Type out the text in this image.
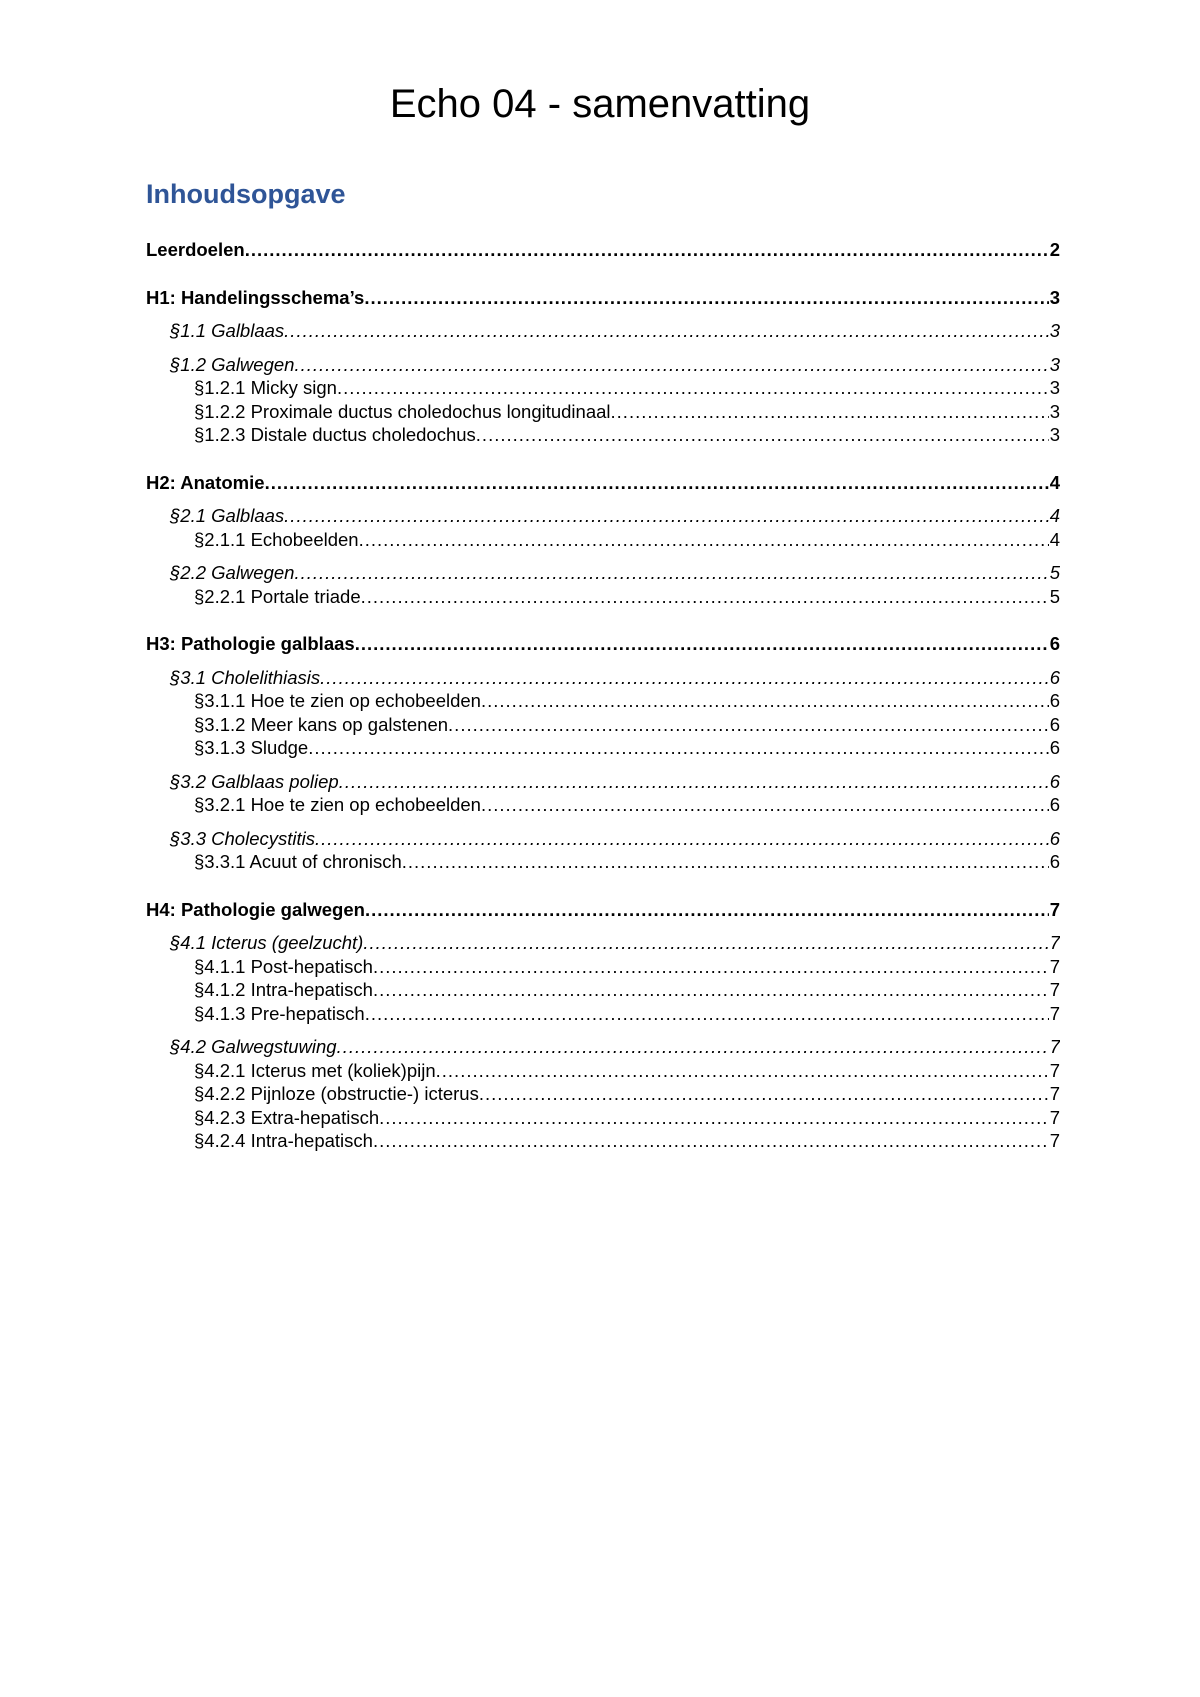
Echo 04 - samenvatting
Inhoudsopgave
Leerdoelen .....	2
H1: Handelingsschema’s .....	3
§1.1 Galblaas .....	3
§1.2 Galwegen .....	3
§1.2.1 Micky sign .....	3
§1.2.2 Proximale ductus choledochus longitudinaal .....	3
§1.2.3 Distale ductus choledochus .....	3
H2: Anatomie .....	4
§2.1 Galblaas .....	4
§2.1.1 Echobeelden .....	4
§2.2 Galwegen .....	5
§2.2.1 Portale triade .....	5
H3: Pathologie galblaas .....	6
§3.1 Cholelithiasis .....	6
§3.1.1 Hoe te zien op echobeelden .....	6
§3.1.2 Meer kans op galstenen .....	6
§3.1.3 Sludge .....	6
§3.2 Galblaas poliep .....	6
§3.2.1 Hoe te zien op echobeelden .....	6
§3.3 Cholecystitis .....	6
§3.3.1 Acuut of chronisch .....	6
H4: Pathologie galwegen .....	7
§4.1 Icterus (geelzucht) .....	7
§4.1.1 Post-hepatisch .....	7
§4.1.2 Intra-hepatisch .....	7
§4.1.3 Pre-hepatisch .....	7
§4.2 Galwegstuwing .....	7
§4.2.1 Icterus met (koliek)pijn .....	7
§4.2.2 Pijnloze (obstructie-) icterus .....	7
§4.2.3 Extra-hepatisch .....	7
§4.2.4 Intra-hepatisch .....	7
